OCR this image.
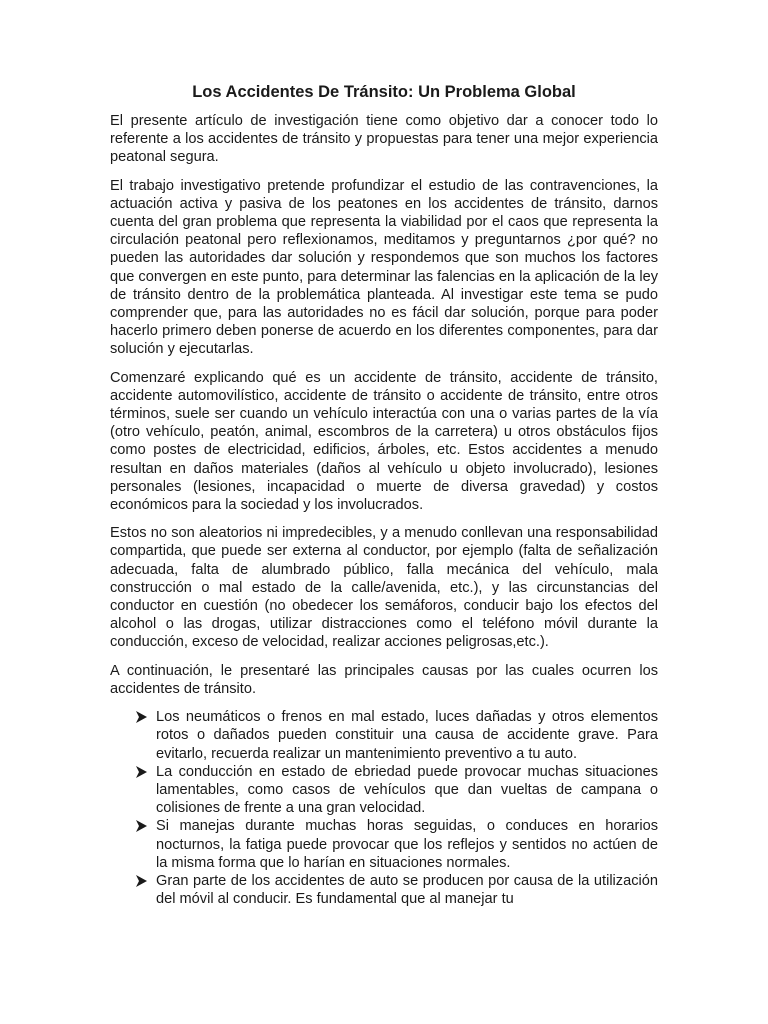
Los Accidentes De Tránsito: Un Problema Global

El presente artículo de investigación tiene como objetivo dar a conocer todo lo referente a los accidentes de tránsito y propuestas para tener una mejor experiencia peatonal segura.

El trabajo investigativo pretende profundizar el estudio de las contravenciones, la actuación activa y pasiva de los peatones en los accidentes de tránsito, darnos cuenta del gran problema que representa la viabilidad por el caos que representa la circulación peatonal pero reflexionamos, meditamos y preguntarnos ¿por qué? no pueden las autoridades dar solución y respondemos que son muchos los factores que convergen en este punto, para determinar las falencias en la aplicación de la ley de tránsito dentro de la problemática planteada. Al investigar este tema se pudo comprender que, para las autoridades no es fácil dar solución, porque para poder hacerlo primero deben ponerse de acuerdo en los diferentes componentes, para dar solución y ejecutarlas.

Comenzaré explicando qué es un accidente de tránsito, accidente de tránsito, accidente automovilístico, accidente de tránsito o accidente de tránsito, entre otros términos, suele ser cuando un vehículo interactúa con una o varias partes de la vía (otro vehículo, peatón, animal, escombros de la carretera) u otros obstáculos fijos como postes de electricidad, edificios, árboles, etc. Estos accidentes a menudo resultan en daños materiales (daños al vehículo u objeto involucrado), lesiones personales (lesiones, incapacidad o muerte de diversa gravedad) y costos económicos para la sociedad y los involucrados.

Estos no son aleatorios ni impredecibles, y a menudo conllevan una responsabilidad compartida, que puede ser externa al conductor, por ejemplo (falta de señalización adecuada, falta de alumbrado público, falla mecánica del vehículo, mala construcción o mal estado de la calle/avenida, etc.), y las circunstancias del conductor en cuestión (no obedecer los semáforos, conducir bajo los efectos del alcohol o las drogas, utilizar distracciones como el teléfono móvil durante la conducción, exceso de velocidad, realizar acciones peligrosas,etc.).

A continuación, le presentaré las principales causas por las cuales ocurren los accidentes de tránsito.

Los neumáticos o frenos en mal estado, luces dañadas y otros elementos rotos o dañados pueden constituir una causa de accidente grave. Para evitarlo, recuerda realizar un mantenimiento preventivo a tu auto.
La conducción en estado de ebriedad puede provocar muchas situaciones lamentables, como casos de vehículos que dan vueltas de campana o colisiones de frente a una gran velocidad.
Si manejas durante muchas horas seguidas, o conduces en horarios nocturnos, la fatiga puede provocar que los reflejos y sentidos no actúen de la misma forma que lo harían en situaciones normales.
Gran parte de los accidentes de auto se producen por causa de la utilización del móvil al conducir. Es fundamental que al manejar tu
